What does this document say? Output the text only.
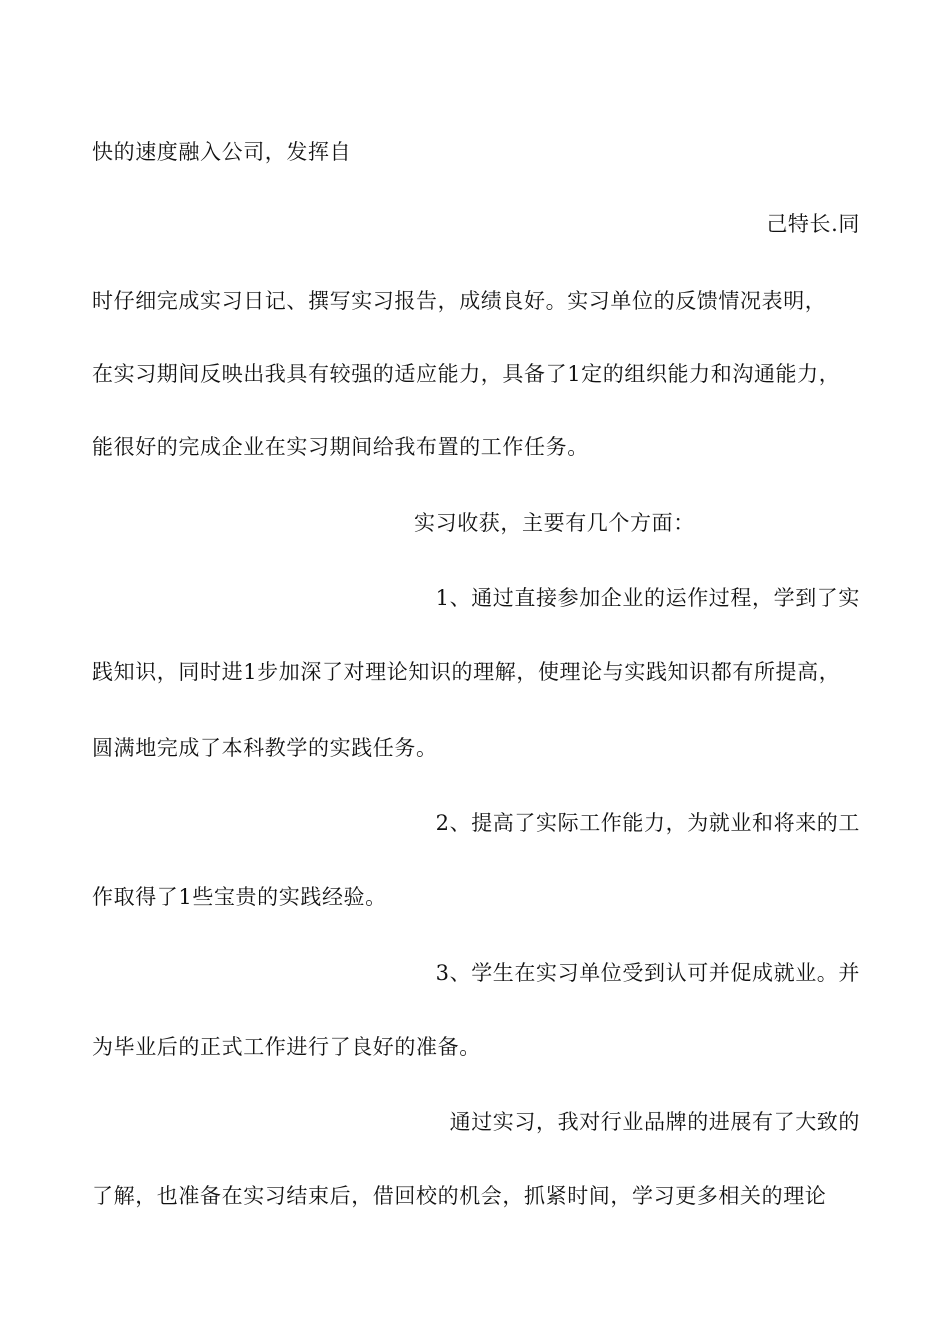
快的速度融入公司，发挥自
己特长.同
时仔细完成实习日记、撰写实习报告，成绩良好。实习单位的反馈情况表明，
在实习期间反映出我具有较强的适应能力，具备了1定的组织能力和沟通能力，
能很好的完成企业在实习期间给我布置的工作任务。
实习收获，主要有几个方面：
1、通过直接参加企业的运作过程，学到了实
践知识，同时进1步加深了对理论知识的理解，使理论与实践知识都有所提高，
圆满地完成了本科教学的实践任务。
2、提高了实际工作能力，为就业和将来的工
作取得了1些宝贵的实践经验。
3、学生在实习单位受到认可并促成就业。并
为毕业后的正式工作进行了良好的准备。
通过实习，我对行业品牌的进展有了大致的
了解，也准备在实习结束后，借回校的机会，抓紧时间，学习更多相关的理论
